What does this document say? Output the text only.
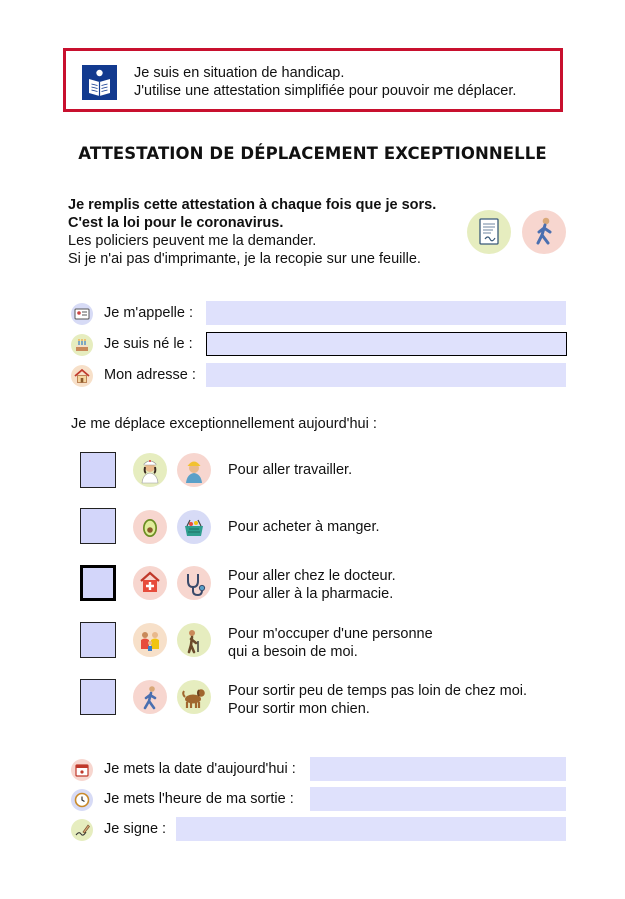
Je suis en situation de handicap.
J'utilise une attestation simplifiée pour pouvoir me déplacer.
ATTESTATION DE DÉPLACEMENT EXCEPTIONNELLE
Je remplis cette attestation à chaque fois que je sors.
C'est la loi pour le coronavirus.
Les policiers peuvent me la demander.
Si je n'ai pas d'imprimante, je la recopie sur une feuille.
Je m'appelle :
Je suis né le :
Mon adresse :
Je me déplace exceptionnellement aujourd'hui :
Pour aller travailler.
Pour acheter à manger.
Pour aller chez le docteur.
Pour aller à la pharmacie.
Pour m'occuper d'une personne
qui a besoin de moi.
Pour sortir peu de temps pas loin de chez moi.
Pour sortir mon chien.
Je mets la date d'aujourd'hui :
Je mets l'heure de ma sortie :
Je signe :
